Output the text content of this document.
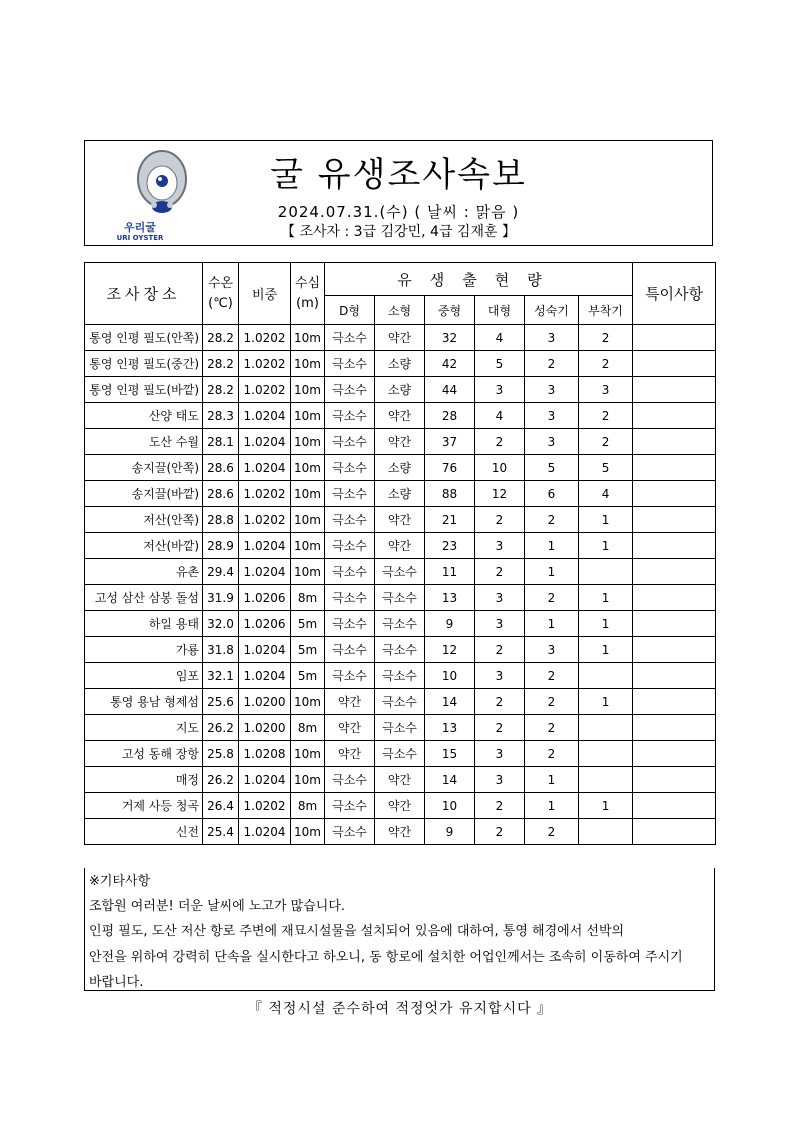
우리굴
URI OYSTER
굴 유생조사속보
2024.07.31.(수) ( 날씨 : 맑음 )
【 조사자 : 3급 김강민, 4급 김재훈 】
조사장소	수온(℃)	비중	수심(m)	유생출현량						특이사항
				D형	소형	중형	대형	성숙기	부착기	
통영 인평 필도(안쪽)	28.2	1.0202	10m	극소수	약간	32	4	3	2	
통영 인평 필도(중간)	28.2	1.0202	10m	극소수	소량	42	5	2	2	
통영 인평 필도(바깥)	28.2	1.0202	10m	극소수	소량	44	3	3	3	
산양 태도	28.3	1.0204	10m	극소수	약간	28	4	3	2	
도산 수월	28.1	1.0204	10m	극소수	약간	37	2	3	2	
송지끌(안쪽)	28.6	1.0204	10m	극소수	소량	76	10	5	5	
송지끌(바깥)	28.6	1.0202	10m	극소수	소량	88	12	6	4	
저산(안쪽)	28.8	1.0202	10m	극소수	약간	21	2	2	1	
저산(바깥)	28.9	1.0204	10m	극소수	약간	23	3	1	1	
유촌	29.4	1.0204	10m	극소수	극소수	11	2	1		
고성 삼산 삼봉 돌섬	31.9	1.0206	8m	극소수	극소수	13	3	2	1	
하일 용태	32.0	1.0206	5m	극소수	극소수	9	3	1	1	
가룡	31.8	1.0204	5m	극소수	극소수	12	2	3	1	
임포	32.1	1.0204	5m	극소수	극소수	10	3	2		
통영 용남 형제섬	25.6	1.0200	10m	약간	극소수	14	2	2	1	
지도	26.2	1.0200	8m	약간	극소수	13	2	2		
고성 동해 장항	25.8	1.0208	10m	약간	극소수	15	3	2		
매정	26.2	1.0204	10m	극소수	약간	14	3	1		
거제 사등 청곡	26.4	1.0202	8m	극소수	약간	10	2	1	1	
신전	25.4	1.0204	10m	극소수	약간	9	2	2		
※기타사항
조합원 여러분! 더운 날씨에 노고가 많습니다.
인평 필도, 도산 저산 항로 주변에 재묘시설물을 설치되어 있음에 대하여, 통영 해경에서 선박의
안전을 위하여 강력히 단속을 실시한다고 하오니, 동 항로에 설치한 어업인께서는 조속히 이동하여 주시기
바랍니다.
『 적정시설 준수하여 적정엇가 유지합시다 』
